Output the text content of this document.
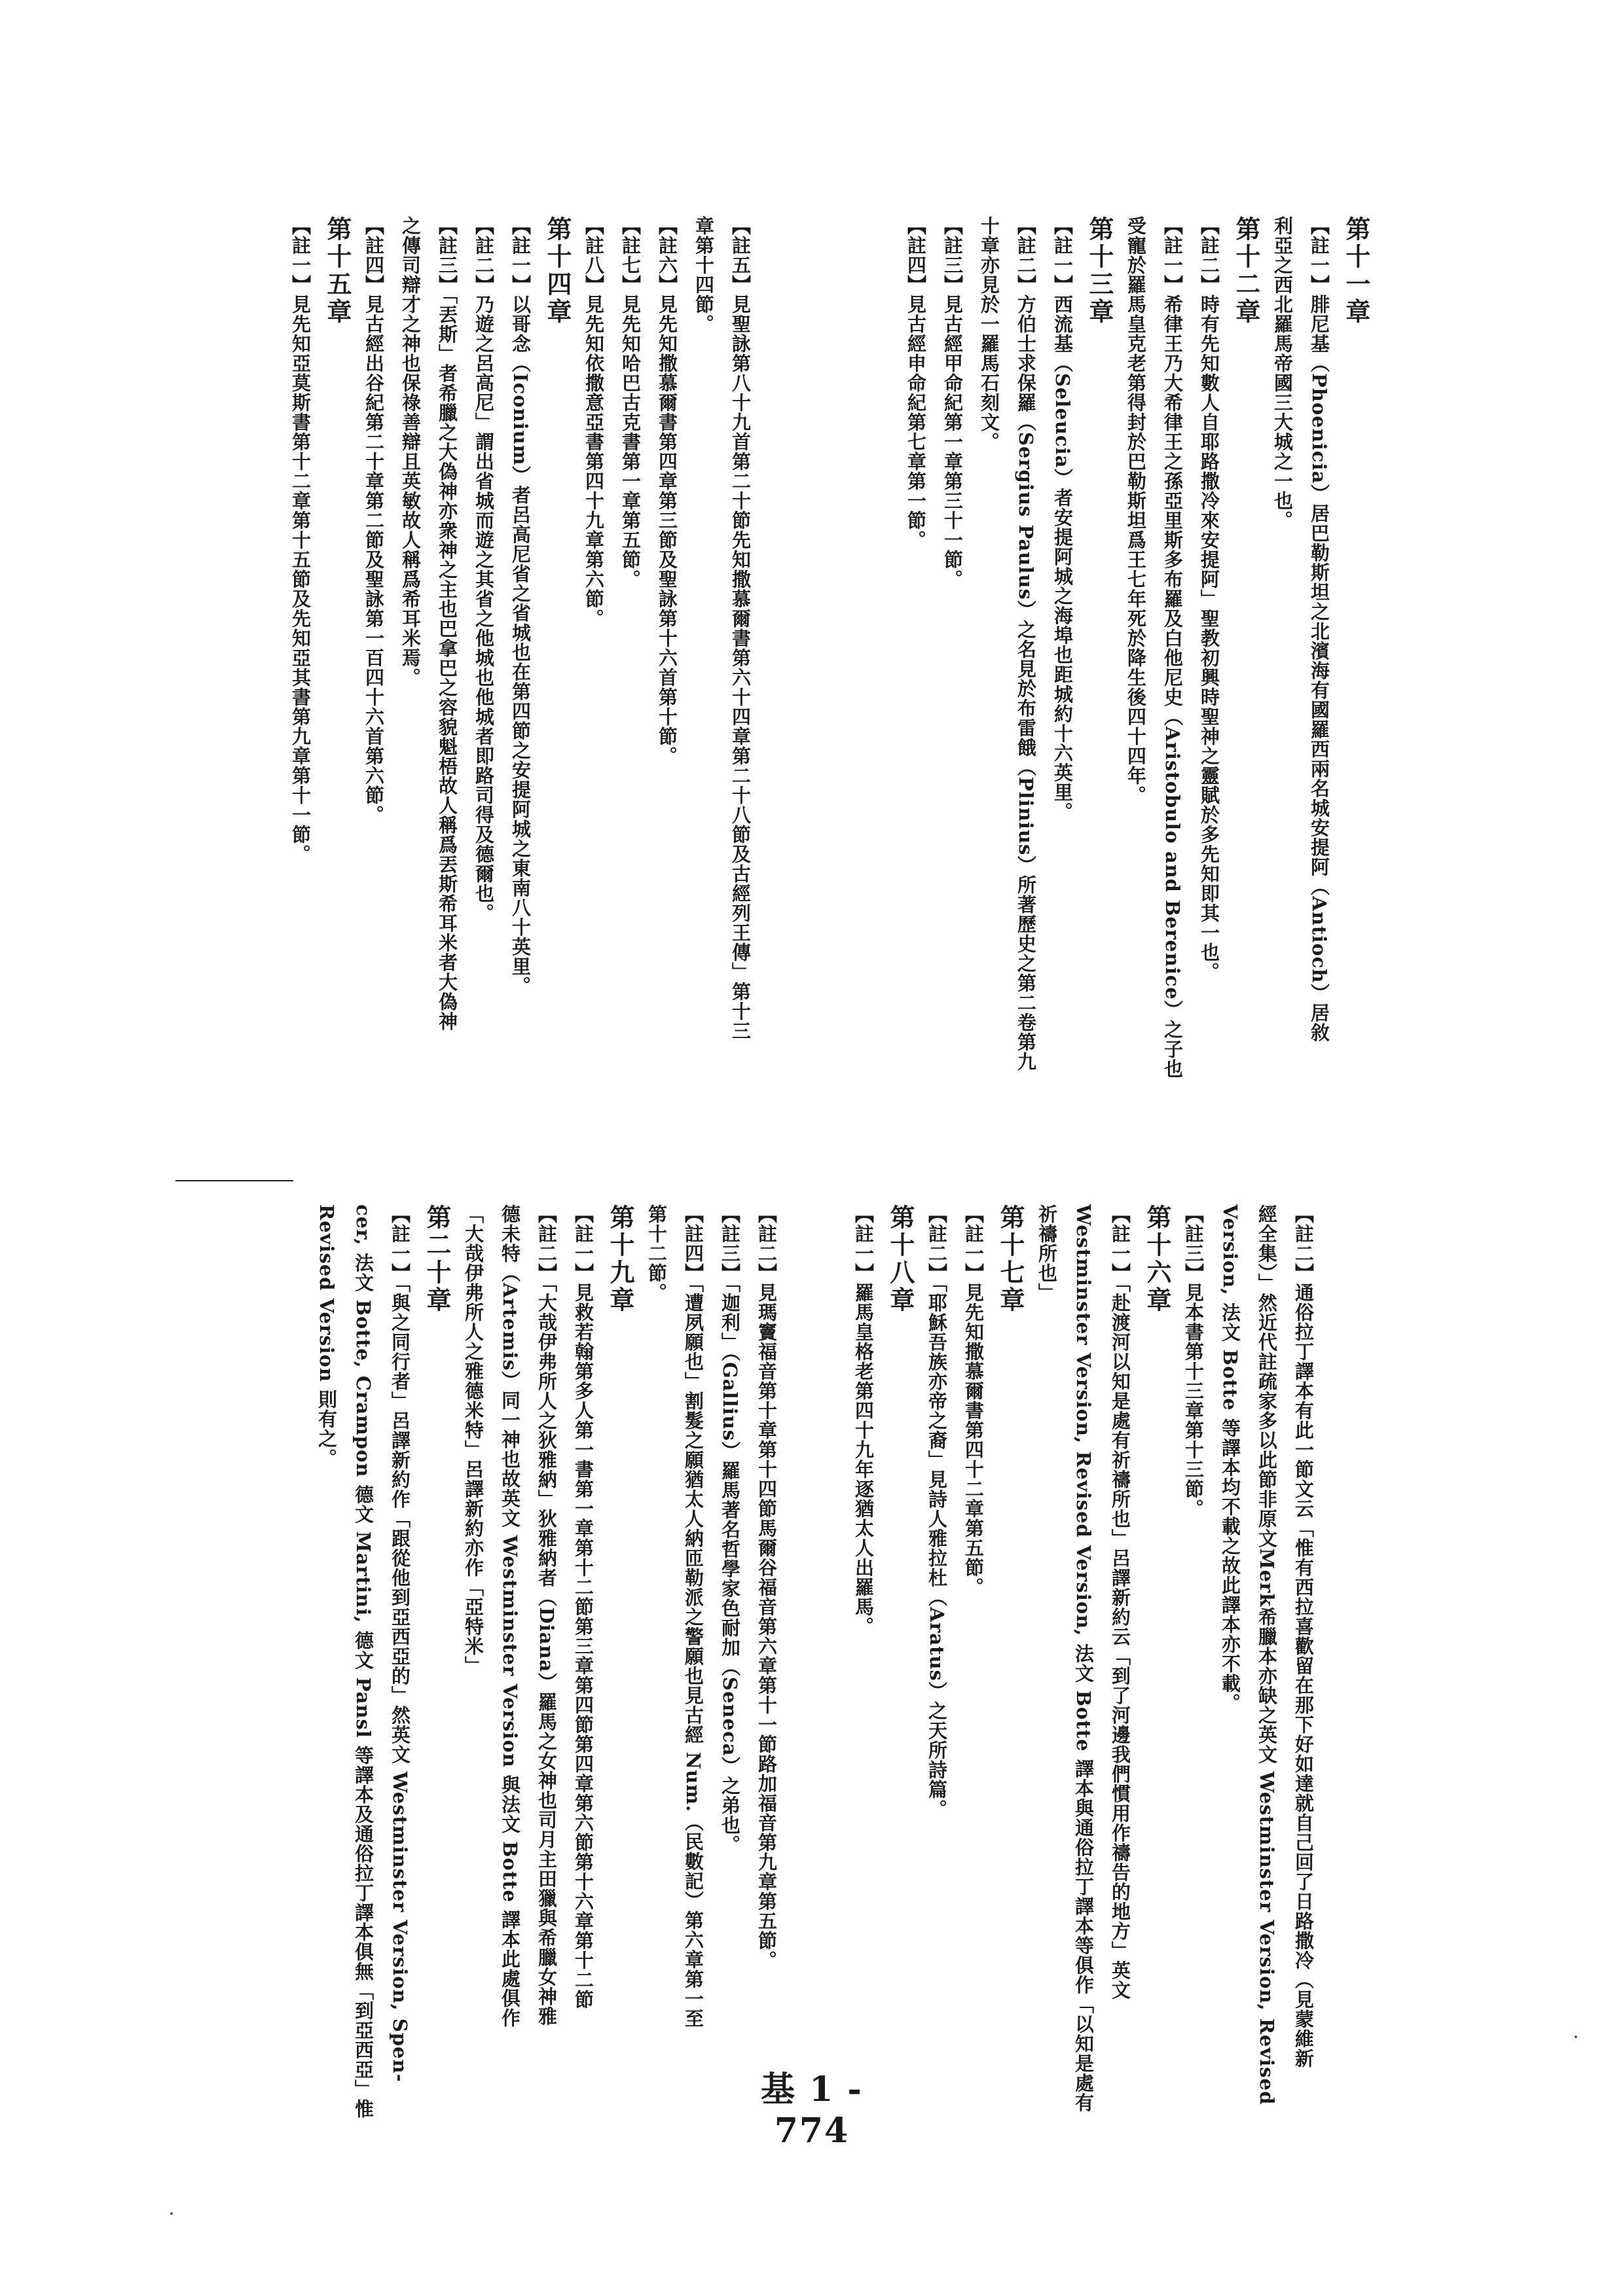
第十一章
【註一】腓尼基（Phoenicia）居巴勒斯坦之北濱海有國羅西兩名城安提阿（Antioch）居敘
利亞之西北羅馬帝國三大城之一也。
第十二章
【註二】時有先知數人自耶路撒冷來安提阿」聖教初興時聖神之靈賦於多先知即其一也。
【註一】希律王乃大希律王之孫亞里斯多布羅及白他尼史（Aristobulo and Berenice）之子也
受寵於羅馬皇克老第得封於巴勒斯坦爲王七年死於降生後四十四年。
第十三章
【註一】西流基（Seleucia）者安提阿城之海埠也距城約十六英里。
【註二】方伯士求保羅（Sergius Paulus）之名見於布雷餓（Plinius）所著歷史之第二卷第九
十章亦見於一羅馬石刻文。
【註三】見古經甲命紀第一章第三十一節。
【註四】見古經申命紀第七章第一節。
【註五】見聖詠第八十九首第二十節先知撒慕爾書第六十四章第二十八節及古經列王傳」第十三
章第十四節。
【註六】見先知撒慕爾書第四章第三節及聖詠第十六首第十節。
【註七】見先知哈巴古克書第一章第五節。
【註八】見先知依撒意亞書第四十九章第六節。
第十四章
【註一】以哥念（Iconium）者呂高尼省之省城也在第四節之安提阿城之東南八十英里。
【註二】乃遊之呂高尼」謂出省城而遊之其省之他城也他城者即路司得及德爾也。
【註三】「丟斯」者希臘之大偽神亦衆神之主也巴拿巴之容貌魁梧故人稱爲丟斯希耳米者大偽神
之傳司辯才之神也保祿善辯且英敏故人稱爲希耳米焉。
【註四】見古經出谷紀第二十章第二節及聖詠第一百四十六首第六節。
第十五章
【註一】見先知亞莫斯書第十二章第十五節及先知亞其書第九章第十一節。
【註二】通俗拉丁譯本有此一節文云「惟有西拉喜歡留在那下好如達就自己回了日路撒冷（見蒙維新
經全集）」然近代註疏家多以此節非原文Merk希臘本亦缺之英文 Westminster Version, Revised
Version, 法文 Botte 等譯本均不載之故此譯本亦不載。
【註三】見本書第十三章第十三節。
第十六章
【註一】「赴渡河以知是處有祈禱所也」呂譯新約云「到了河邊我們慣用作禱告的地方」英文
Westminster Version, Revised Version, 法文 Botte 譯本與通俗拉丁譯本等俱作「以知是處有
祈禱所也」
第十七章
【註一】見先知撒慕爾書第四十二章第五節。
【註二】「耶穌吾族亦帝之裔」見詩人雅拉杜（Aratus）之天所詩篇。
第十八章
【註一】羅馬皇格老第四十九年逐猶太人出羅馬。
【註二】見瑪竇福音第十章第十四節馬爾谷福音第六章第十一節路加福音第九章第五節。
【註三】「迦利」（Gallius）羅馬著名哲學家色耐加（Seneca）之弟也。
【註四】「遭夙願也」割髮之願猶太人納匝勒派之警願也見古經 Num.（民數記）第六章第一至
第十二節。
第十九章
【註一】見救若翰第多人第一書第一章第十二節第三章第四節第四章第六節第十六章第十二節
【註二】「大哉伊弗所人之狄雅納」狄雅納者（Diana）羅馬之女神也司月主田獵與希臘女神雅
德未特（Artemis）同一神也故英文 Westminster Version 與法文 Botte 譯本此處俱作
「大哉伊弗所人之雅德米特」呂譯新約亦作「亞特米」
第二十章
【註一】「與之同行者」呂譯新約作「跟從他到亞西亞的」然英文 Westminster Version, Spen-
cer, 法文 Botte, Crampon 德文 Martini, 德文 Pansl 等譯本及通俗拉丁譯本俱無「到亞西亞」惟
Revised Version 則有之。
基 1 - 774
